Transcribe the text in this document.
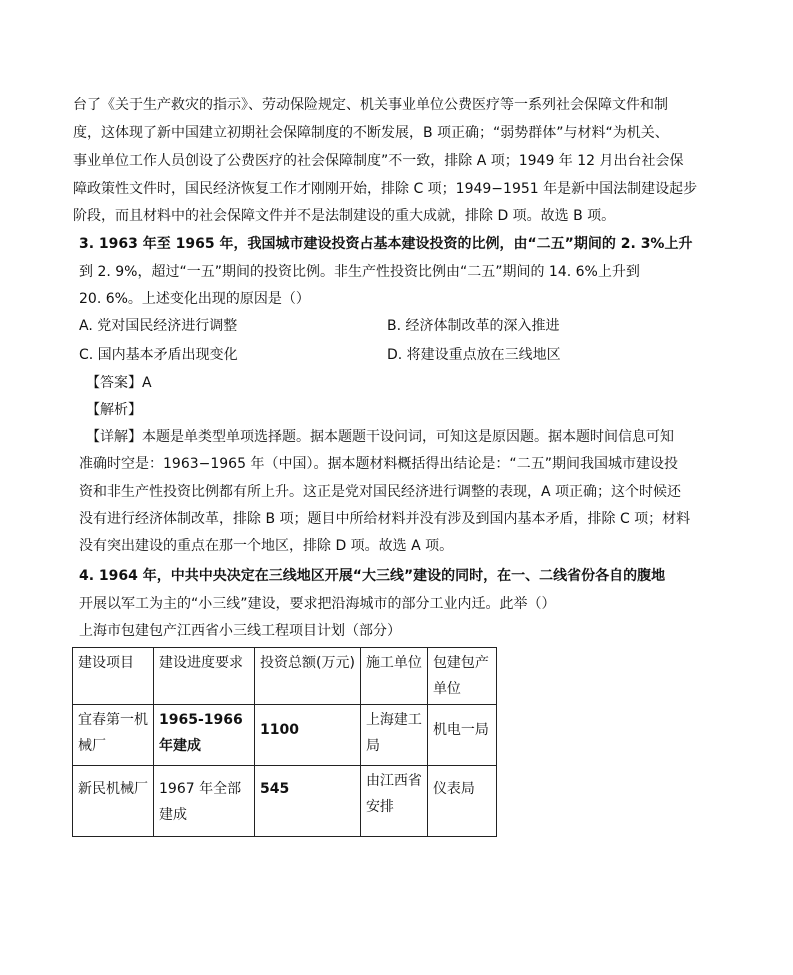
台了《关于生产救灾的指示》、劳动保险规定、机关事业单位公费医疗等一系列社会保障文件和制
度，这体现了新中国建立初期社会保障制度的不断发展，B 项正确；“弱势群体”与材料“为机关、
事业单位工作人员创设了公费医疗的社会保障制度”不一致，排除 A 项；1949 年 12 月出台社会保
障政策性文件时，国民经济恢复工作才刚刚开始，排除 C 项；1949−1951 年是新中国法制建设起步
阶段，而且材料中的社会保障文件并不是法制建设的重大成就，排除 D 项。故选 B 项。
3. 1963 年至 1965 年，我国城市建设投资占基本建设投资的比例，由“二五”期间的 2. 3%上升
到 2. 9%，超过“一五”期间的投资比例。非生产性投资比例由“二五”期间的 14. 6%上升到
20. 6%。上述变化出现的原因是（）
A. 党对国民经济进行调整	B. 经济体制改革的深入推进
C. 国内基本矛盾出现变化	D. 将建设重点放在三线地区
【答案】A
【解析】
【详解】本题是单类型单项选择题。据本题题干设问词，可知这是原因题。据本题时间信息可知
准确时空是：1963−1965 年（中国）。据本题材料概括得出结论是：“二五”期间我国城市建设投
资和非生产性投资比例都有所上升。这正是党对国民经济进行调整的表现，A 项正确；这个时候还
没有进行经济体制改革，排除 B 项；题目中所给材料并没有涉及到国内基本矛盾，排除 C 项；材料
没有突出建设的重点在那一个地区，排除 D 项。故选 A 项。
4. 1964 年，中共中央决定在三线地区开展“大三线”建设的同时，在一、二线省份各自的腹地
开展以军工为主的“小三线”建设，要求把沿海城市的部分工业内迁。此举（）
上海市包建包产江西省小三线工程项目计划（部分）
建设项目	建设进度要求	投资总额(万元)	施工单位	包建包产单位
宜春第一机械厂	1965-1966 年建成	1100	上海建工局	机电一局
新民机械厂	1967 年全部建成	545	由江西省安排	仪表局
